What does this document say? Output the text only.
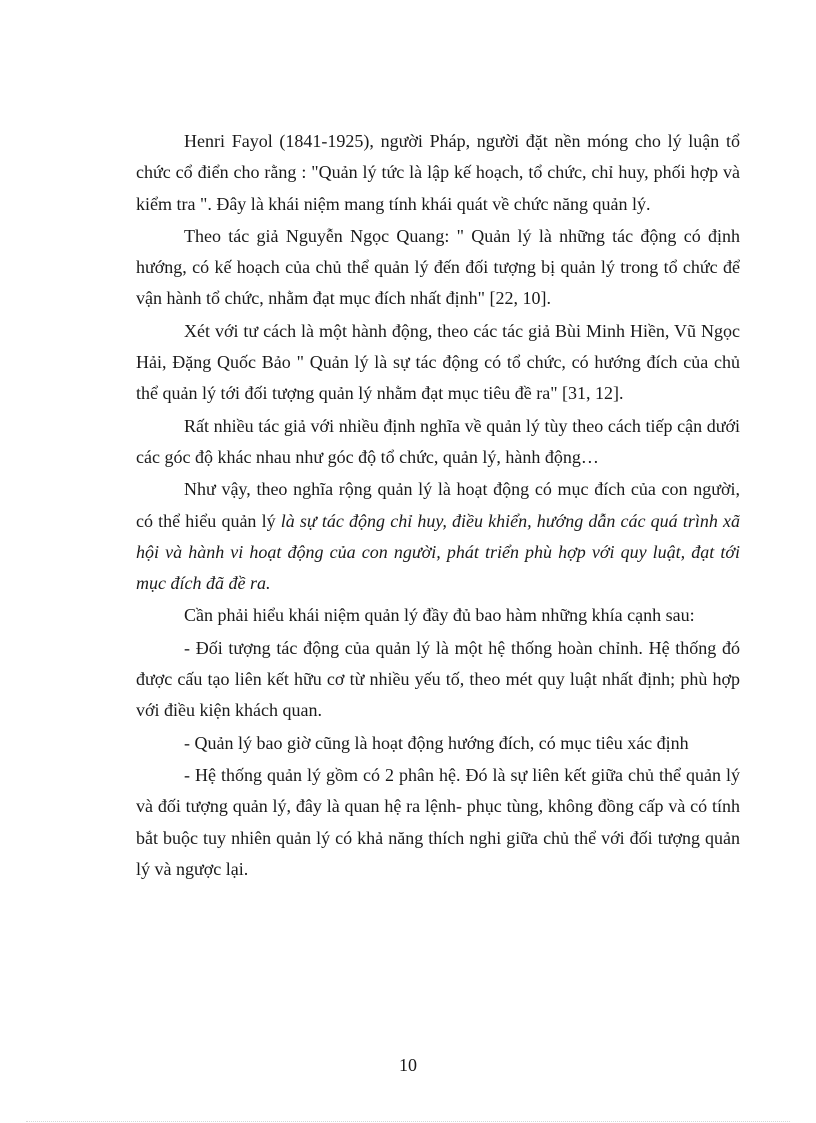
Henri Fayol (1841-1925), người Pháp, người đặt nền móng cho lý luận tổ chức cổ điển cho rằng : "Quản lý tức là lập kế hoạch, tổ chức, chỉ huy, phối hợp và kiểm tra ". Đây là khái niệm mang tính khái quát về chức năng quản lý.

Theo tác giả Nguyễn Ngọc Quang: " Quản lý là những tác động có định hướng, có kế hoạch của chủ thể quản lý đến đối tượng bị quản lý trong tổ chức để vận hành tổ chức, nhằm đạt mục đích nhất định" [22, 10].

Xét với tư cách là một hành động, theo các tác giả Bùi Minh Hiền, Vũ Ngọc Hải, Đặng Quốc Bảo " Quản lý là sự tác động có tổ chức, có hướng đích của chủ thể quản lý tới đối tượng quản lý nhằm đạt mục tiêu đề ra" [31, 12].

Rất nhiều tác giả với nhiều định nghĩa về quản lý tùy theo cách tiếp cận dưới các góc độ khác nhau như góc độ tổ chức, quản lý, hành động…

Như vậy, theo nghĩa rộng quản lý là hoạt động có mục đích của con người, có thể hiểu quản lý là sự tác động chỉ huy, điều khiển, hướng dẫn các quá trình xã hội và hành vi hoạt động của con người, phát triển phù hợp với quy luật, đạt tới mục đích đã đề ra.

Cần phải hiểu khái niệm quản lý đầy đủ bao hàm những khía cạnh sau:

- Đối tượng tác động của quản lý là một hệ thống hoàn chỉnh. Hệ thống đó được cấu tạo liên kết hữu cơ từ nhiều yếu tố, theo mét quy luật nhất định; phù hợp với điều kiện khách quan.

- Quản lý bao giờ cũng là hoạt động hướng đích, có mục tiêu xác định

- Hệ thống quản lý gồm có 2 phân hệ. Đó là sự liên kết giữa chủ thể quản lý và đối tượng quản lý, đây là quan hệ ra lệnh- phục tùng, không đồng cấp và có tính bắt buộc tuy nhiên quản lý có khả năng thích nghi giữa chủ thể với đối tượng quản lý và ngược lại.

10
